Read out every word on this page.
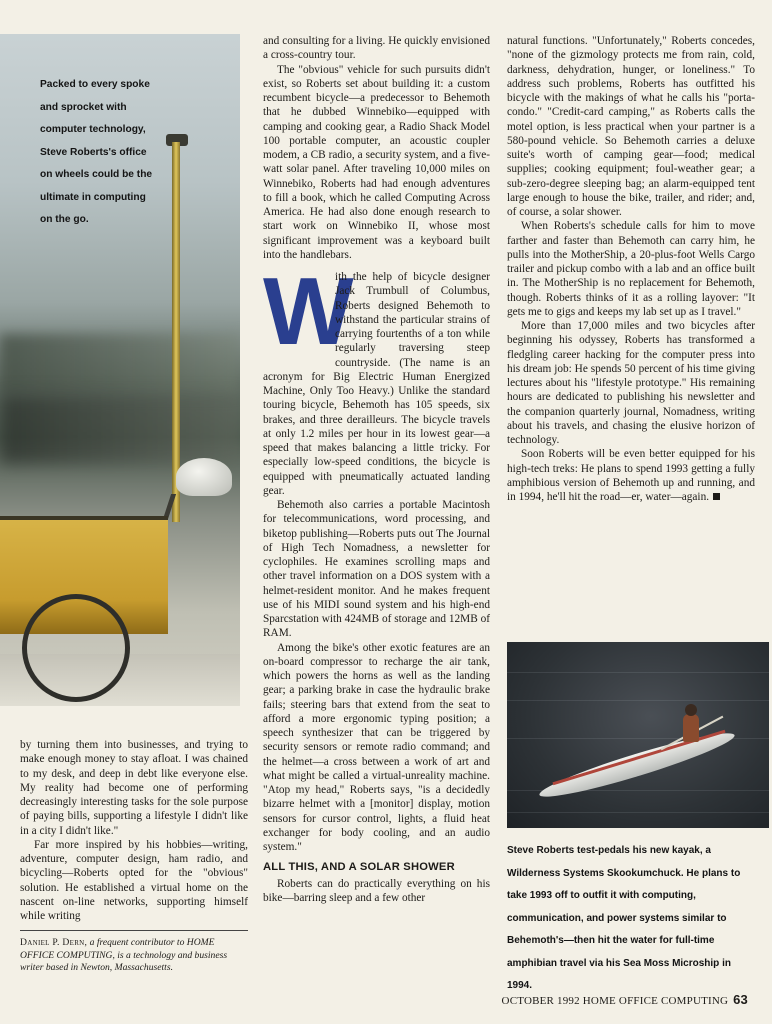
Packed to every spoke and sprocket with computer technology, Steve Roberts's office on wheels could be the ultimate in computing on the go.

by turning them into businesses, and trying to make enough money to stay afloat. I was chained to my desk, and deep in debt like everyone else. My reality had become one of performing decreasingly interesting tasks for the sole purpose of paying bills, supporting a lifestyle I didn't like in a city I didn't like."

Far more inspired by his hobbies—writing, adventure, computer design, ham radio, and bicycling—Roberts opted for the "obvious" solution. He established a virtual home on the nascent on-line networks, supporting himself while writing

Daniel P. Dern, a frequent contributor to HOME OFFICE COMPUTING, is a technology and business writer based in Newton, Massachusetts.

and consulting for a living. He quickly envisioned a cross-country tour.

The "obvious" vehicle for such pursuits didn't exist, so Roberts set about building it: a custom recumbent bicycle—a predecessor to Behemoth that he dubbed Winnebiko—equipped with camping and cooking gear, a Radio Shack Model 100 portable computer, an acoustic coupler modem, a CB radio, a security system, and a five-watt solar panel. After traveling 10,000 miles on Winnebiko, Roberts had had enough adventures to fill a book, which he called Computing Across America. He had also done enough research to start work on Winnebiko II, whose most significant improvement was a keyboard built into the handlebars.

W

ith the help of bicycle designer Jack Trumbull of Columbus, Roberts designed Behemoth to withstand the particular strains of carrying fourtenths of a ton while regularly traversing steep countryside. (The name is an acronym for Big Electric Human Energized Machine, Only Too Heavy.) Unlike the standard touring bicycle, Behemoth has 105 speeds, six brakes, and three derailleurs. The bicycle travels at only 1.2 miles per hour in its lowest gear—a speed that makes balancing a little tricky. For especially low-speed conditions, the bicycle is equipped with pneumatically actuated landing gear.

Behemoth also carries a portable Macintosh for telecommunications, word processing, and biketop publishing—Roberts puts out The Journal of High Tech Nomadness, a newsletter for cyclophiles. He examines scrolling maps and other travel information on a DOS system with a helmet-resident monitor. And he makes frequent use of his MIDI sound system and his high-end Sparcstation with 424MB of storage and 12MB of RAM.

Among the bike's other exotic features are an on-board compressor to recharge the air tank, which powers the horns as well as the landing gear; a parking brake in case the hydraulic brake fails; steering bars that extend from the seat to afford a more ergonomic typing position; a speech synthesizer that can be triggered by security sensors or remote radio command; and the helmet—a cross between a work of art and what might be called a virtual-unreality machine. "Atop my head," Roberts says, "is a decidedly bizarre helmet with a [monitor] display, motion sensors for cursor control, lights, a fluid heat exchanger for body cooling, and an audio system."

ALL THIS, AND A SOLAR SHOWER

Roberts can do practically everything on his bike—barring sleep and a few other

natural functions. "Unfortunately," Roberts concedes, "none of the gizmology protects me from rain, cold, darkness, dehydration, hunger, or loneliness." To address such problems, Roberts has outfitted his bicycle with the makings of what he calls his "porta-condo." "Credit-card camping," as Roberts calls the motel option, is less practical when your partner is a 580-pound vehicle. So Behemoth carries a deluxe suite's worth of camping gear—food; medical supplies; cooking equipment; foul-weather gear; a sub-zero-degree sleeping bag; an alarm-equipped tent large enough to house the bike, trailer, and rider; and, of course, a solar shower.

When Roberts's schedule calls for him to move farther and faster than Behemoth can carry him, he pulls into the MotherShip, a 20-plus-foot Wells Cargo trailer and pickup combo with a lab and an office built in. The MotherShip is no replacement for Behemoth, though. Roberts thinks of it as a rolling layover: "It gets me to gigs and keeps my lab set up as I travel."

More than 17,000 miles and two bicycles after beginning his odyssey, Roberts has transformed a fledgling career hacking for the computer press into his dream job: He spends 50 percent of his time giving lectures about his "lifestyle prototype." His remaining hours are dedicated to publishing his newsletter and the companion quarterly journal, Nomadness, writing about his travels, and chasing the elusive horizon of technology.

Soon Roberts will be even better equipped for his high-tech treks: He plans to spend 1993 getting a fully amphibious version of Behemoth up and running, and in 1994, he'll hit the road—er, water—again.

Steve Roberts test-pedals his new kayak, a Wilderness Systems Skookumchuck. He plans to take 1993 off to outfit it with computing, communication, and power systems similar to Behemoth's—then hit the water for full-time amphibian travel via his Sea Moss Microship in 1994.
OCTOBER 1992 HOME OFFICE COMPUTING 63
